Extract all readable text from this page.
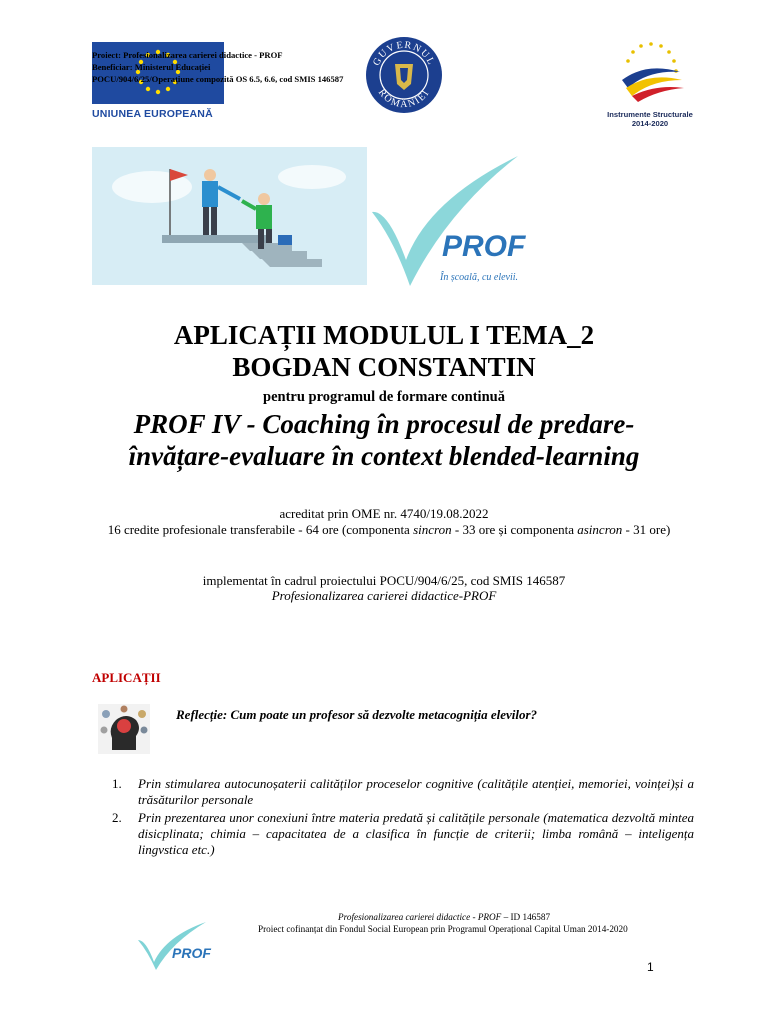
UNIUNEA EUROPEANĂ
Proiect: Profesionalizarea carierei didactice - PROF
Beneficiar: Ministerul Educației
POCU/904/6/25/Operațiune compozită OS 6.5, 6.6, cod SMIS 146587
GUVERNUL
ROMÂNIEI
Instrumente Structurale
2014-2020
PROF
În școală, cu elevii.
APLICAȚII MODULUL I TEMA_2
BOGDAN CONSTANTIN
pentru programul de formare continuă
PROF IV - Coaching în procesul de predare-
învățare-evaluare în context blended-learning
acreditat prin OME nr. 4740/19.08.2022
16 credite profesionale transferabile - 64 ore (componenta sincron - 33 ore și componenta asincron - 31 ore)
implementat în cadrul proiectului POCU/904/6/25, cod SMIS 146587
Profesionalizarea carierei didactice-PROF
APLICAȚII
Reflecție: Cum poate un profesor să dezvolte metacogniția elevilor?
1. Prin stimularea autocunoșaterii calităților proceselor cognitive (calitățile atenției, memoriei, voinței)și a trăsăturilor personale
2. Prin prezentarea unor conexiuni între materia predată și calitățile personale (matematica dezvoltă mintea disicplinata; chimia – capacitatea de a clasifica în funcție de criterii; limba română – inteligența lingvstica etc.)
PROF
Profesionalizarea carierei didactice - PROF – ID 146587
Proiect cofinanțat din Fondul Social European prin Programul Operațional Capital Uman 2014-2020
1
